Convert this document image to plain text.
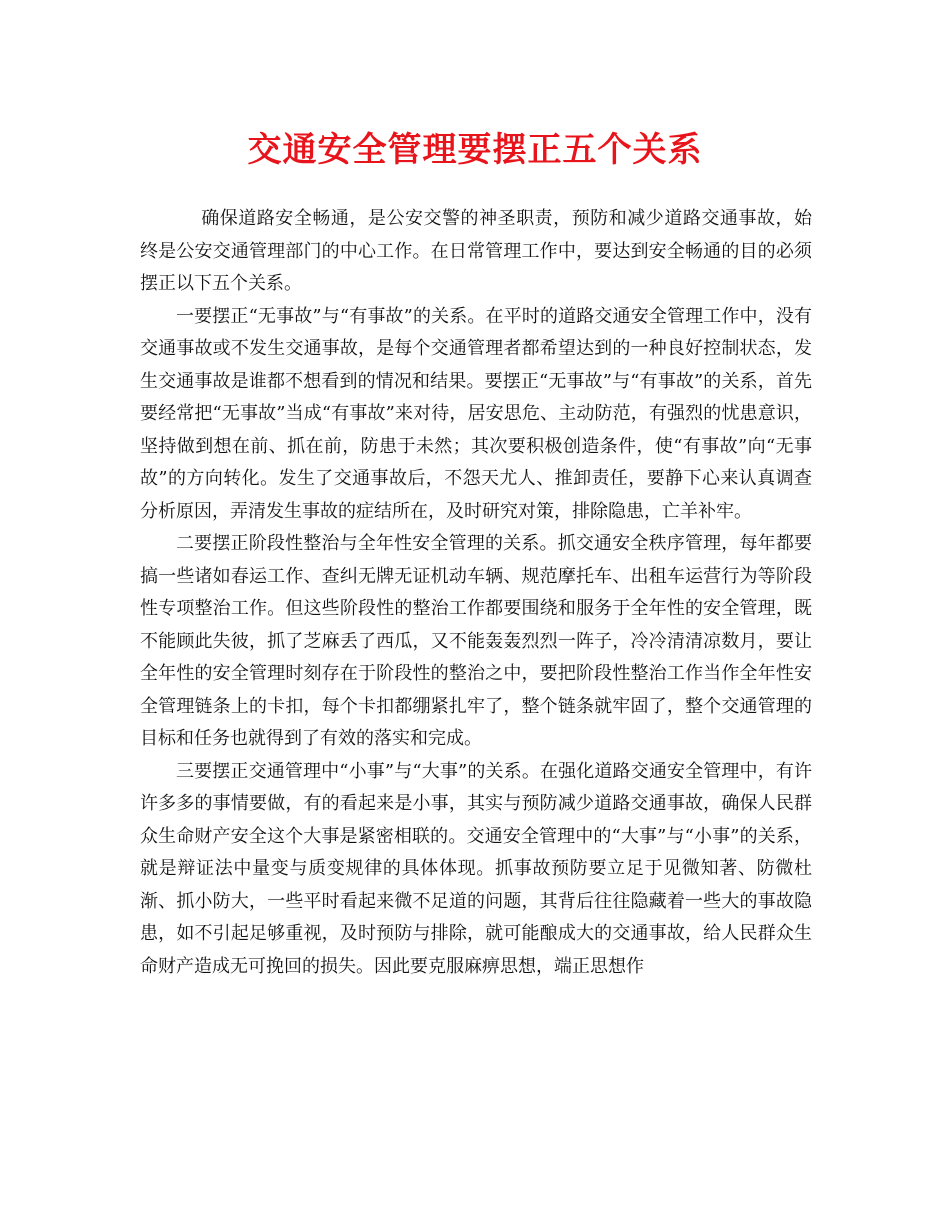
交通安全管理要摆正五个关系

确保道路安全畅通，是公安交警的神圣职责，预防和减少道路交通事故，始终是公安交通管理部门的中心工作。在日常管理工作中，要达到安全畅通的目的必须摆正以下五个关系。

一要摆正“无事故”与“有事故”的关系。在平时的道路交通安全管理工作中，没有交通事故或不发生交通事故，是每个交通管理者都希望达到的一种良好控制状态，发生交通事故是谁都不想看到的情况和结果。要摆正“无事故”与“有事故”的关系，首先要经常把“无事故”当成“有事故”来对待，居安思危、主动防范，有强烈的忧患意识，坚持做到想在前、抓在前，防患于未然；其次要积极创造条件，使“有事故”向“无事故”的方向转化。发生了交通事故后，不怨天尤人、推卸责任，要静下心来认真调查分析原因，弄清发生事故的症结所在，及时研究对策，排除隐患，亡羊补牢。

二要摆正阶段性整治与全年性安全管理的关系。抓交通安全秩序管理，每年都要搞一些诸如春运工作、查纠无牌无证机动车辆、规范摩托车、出租车运营行为等阶段性专项整治工作。但这些阶段性的整治工作都要围绕和服务于全年性的安全管理，既不能顾此失彼，抓了芝麻丢了西瓜，又不能轰轰烈烈一阵子，冷冷清清凉数月，要让全年性的安全管理时刻存在于阶段性的整治之中，要把阶段性整治工作当作全年性安全管理链条上的卡扣，每个卡扣都绷紧扎牢了，整个链条就牢固了，整个交通管理的目标和任务也就得到了有效的落实和完成。

三要摆正交通管理中“小事”与“大事”的关系。在强化道路交通安全管理中，有许许多多的事情要做，有的看起来是小事，其实与预防减少道路交通事故，确保人民群众生命财产安全这个大事是紧密相联的。交通安全管理中的“大事”与“小事”的关系，就是辩证法中量变与质变规律的具体体现。抓事故预防要立足于见微知著、防微杜渐、抓小防大，一些平时看起来微不足道的问题，其背后往往隐藏着一些大的事故隐患，如不引起足够重视，及时预防与排除，就可能酿成大的交通事故，给人民群众生命财产造成无可挽回的损失。因此要克服麻痹思想，端正思想作
